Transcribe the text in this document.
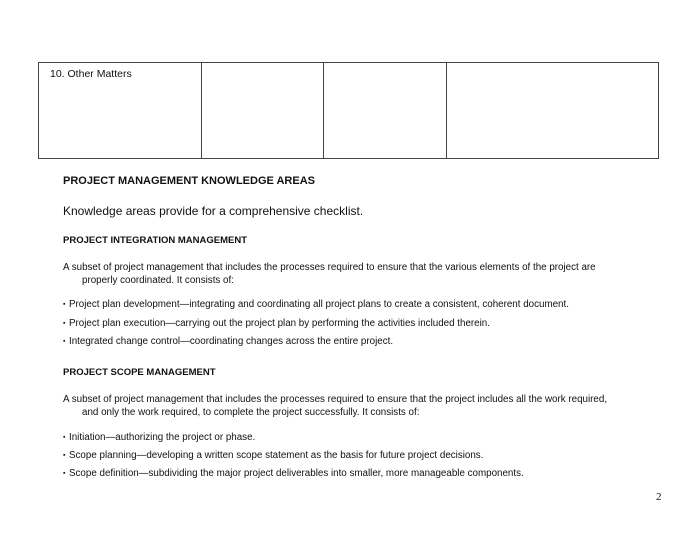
10. Other Matters
PROJECT MANAGEMENT KNOWLEDGE AREAS
Knowledge areas provide for a comprehensive checklist.
PROJECT INTEGRATION MANAGEMENT
A subset of project management that includes the processes required to ensure that the various elements of the project are
properly coordinated. It consists of:
▪ Project plan development—integrating and coordinating all project plans to create a consistent, coherent document.
▪ Project plan execution—carrying out the project plan by performing the activities included therein.
▪ Integrated change control—coordinating changes across the entire project.
PROJECT SCOPE MANAGEMENT
A subset of project management that includes the processes required to ensure that the project includes all the work required,
and only the work required, to complete the project successfully. It consists of:
▪ Initiation—authorizing the project or phase.
▪ Scope planning—developing a written scope statement as the basis for future project decisions.
▪ Scope definition—subdividing the major project deliverables into smaller, more manageable components.
2
